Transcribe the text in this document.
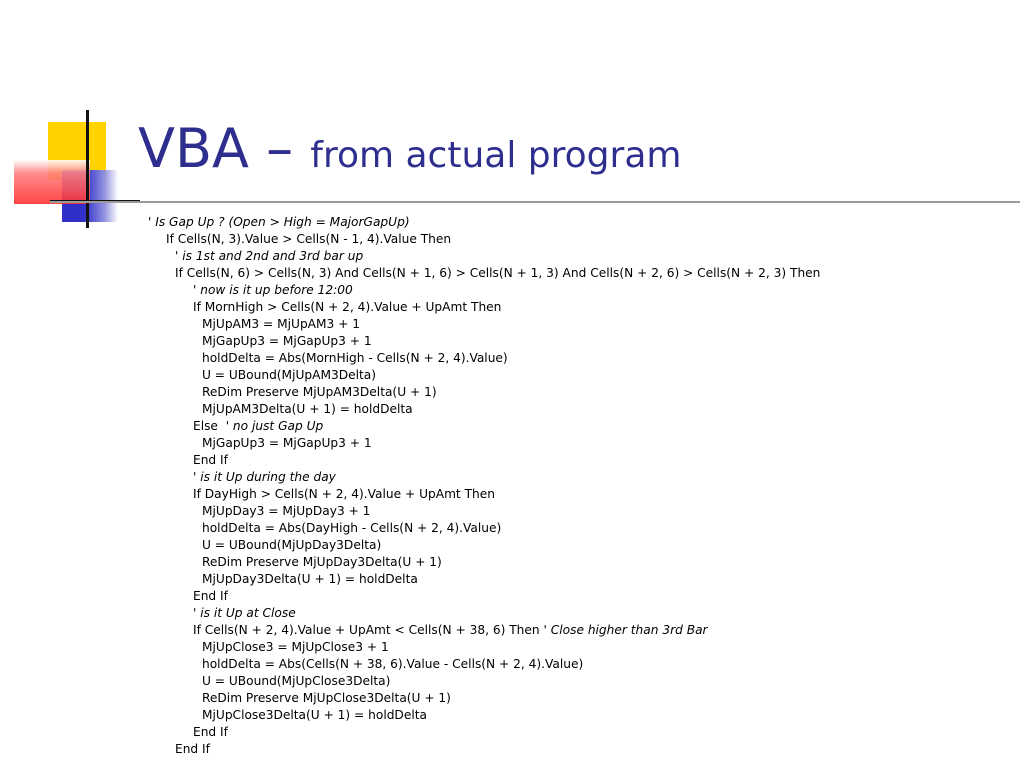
VBA – from actual program
' Is Gap Up ? (Open > High = MajorGapUp)
If Cells(N, 3).Value > Cells(N - 1, 4).Value Then
' is 1st and 2nd and 3rd bar up
If Cells(N, 6) > Cells(N, 3) And Cells(N + 1, 6) > Cells(N + 1, 3) And Cells(N + 2, 6) > Cells(N + 2, 3) Then
' now is it up before 12:00
If MornHigh > Cells(N + 2, 4).Value + UpAmt Then
MjUpAM3 = MjUpAM3 + 1
MjGapUp3 = MjGapUp3 + 1
holdDelta = Abs(MornHigh - Cells(N + 2, 4).Value)
U = UBound(MjUpAM3Delta)
ReDim Preserve MjUpAM3Delta(U + 1)
MjUpAM3Delta(U + 1) = holdDelta
Else  ' no just Gap Up
MjGapUp3 = MjGapUp3 + 1
End If
' is it Up during the day
If DayHigh > Cells(N + 2, 4).Value + UpAmt Then
MjUpDay3 = MjUpDay3 + 1
holdDelta = Abs(DayHigh - Cells(N + 2, 4).Value)
U = UBound(MjUpDay3Delta)
ReDim Preserve MjUpDay3Delta(U + 1)
MjUpDay3Delta(U + 1) = holdDelta
End If
' is it Up at Close
If Cells(N + 2, 4).Value + UpAmt < Cells(N + 38, 6) Then ' Close higher than 3rd Bar
MjUpClose3 = MjUpClose3 + 1
holdDelta = Abs(Cells(N + 38, 6).Value - Cells(N + 2, 4).Value)
U = UBound(MjUpClose3Delta)
ReDim Preserve MjUpClose3Delta(U + 1)
MjUpClose3Delta(U + 1) = holdDelta
End If
End If
